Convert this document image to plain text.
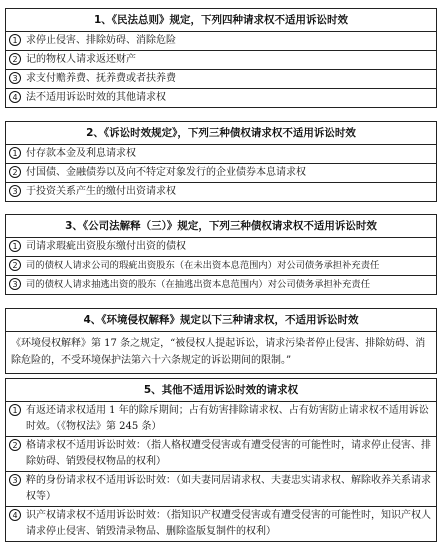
1、《民法总则》规定，下列四种请求权不适用诉讼时效
1 求停止侵害、排除妨碍、消除危险
2 记的物权人请求返还财产
3 求支付赡养费、抚养费或者扶养费
4 法不适用诉讼时效的其他请求权
2、《诉讼时效规定》，下列三种债权请求权不适用诉讼时效
1 付存款本金及利息请求权
2 付国债、金融债券以及向不特定对象发行的企业债券本息请求权
3 于投资关系产生的缴付出资请求权
3、《公司法解释（三）》规定，下列三种债权请求权不适用诉讼时效
1 司请求瑕疵出资股东缴付出资的债权
2 司的债权人请求公司的瑕疵出资股东（在未出资本息范围内）对公司债务承担补充责任
3 司的债权人请求抽逃出资的股东（在抽逃出资本息范围内）对公司债务承担补充责任
4、《环境侵权解释》规定以下三种请求权，不适用诉讼时效
《环境侵权解释》第 17 条之规定，“被侵权人提起诉讼，请求污染者停止侵害、排除妨碍、消除危险的，不受环境保护法第六十六条规定的诉讼期间的限制。”
5、其他不适用诉讼时效的请求权
1 有返还请求权适用 1 年的除斥期间；占有妨害排除请求权、占有妨害防止请求权不适用诉讼时效。（《物权法》第 245 条）
2 格请求权不适用诉讼时效：（指人格权遭受侵害或有遭受侵害的可能性时，请求停止侵害、排除妨碍、销毁侵权物品的权利）
3 粹的身份请求权不适用诉讼时效：（如夫妻同居请求权、夫妻忠实请求权、解除收养关系请求权等）
4 识产权请求权不适用诉讼时效：（指知识产权遭受侵害或有遭受侵害的可能性时，知识产权人请求停止侵害、销毁清录物品、删除盗版复制件的权利）
